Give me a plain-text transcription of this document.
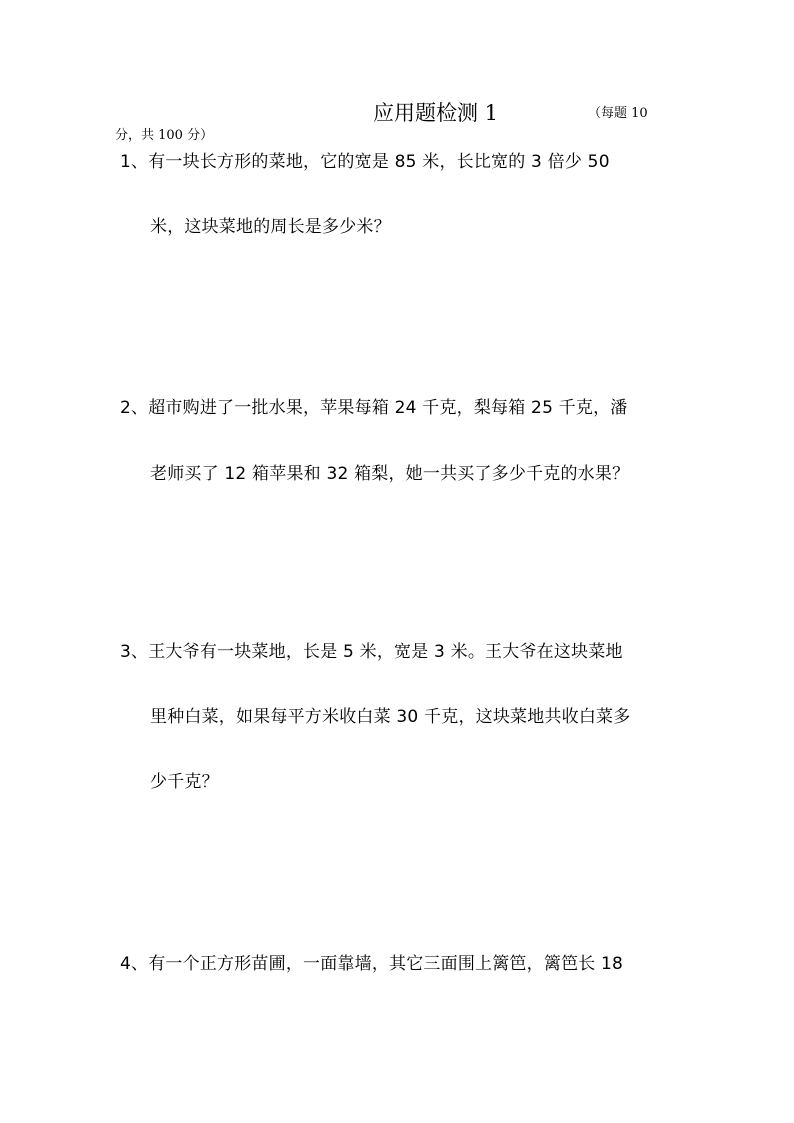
应用题检测 1	（每题 10
分，共 100 分）
1、有一块长方形的菜地，它的宽是 85 米，长比宽的 3 倍少 50
米，这块菜地的周长是多少米？
2、超市购进了一批水果，苹果每箱 24 千克，梨每箱 25 千克，潘
老师买了 12 箱苹果和 32 箱梨，她一共买了多少千克的水果？
3、王大爷有一块菜地，长是 5 米，宽是 3 米。王大爷在这块菜地
里种白菜，如果每平方米收白菜 30 千克，这块菜地共收白菜多
少千克？
4、有一个正方形苗圃，一面靠墙，其它三面围上篱笆，篱笆长 18
